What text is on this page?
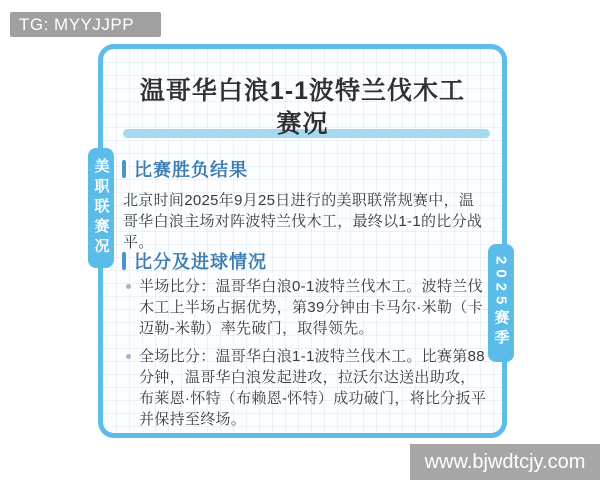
TG: MYYJJPP
温哥华白浪1-1波特兰伐木工
赛况
比赛胜负结果
北京时间2025年9月25日进行的美职联常规赛中，温哥华白浪主场对阵波特兰伐木工，最终以1-1的比分战平。
比分及进球情况
半场比分：温哥华白浪0-1波特兰伐木工。波特兰伐木工上半场占据优势，第39分钟由卡马尔·米勒（卡迈勒-米勒）率先破门，取得领先。
全场比分：温哥华白浪1-1波特兰伐木工。比赛第88分钟，温哥华白浪发起进攻，拉沃尔达送出助攻，布莱恩·怀特（布赖恩-怀特）成功破门，将比分扳平并保持至终场。
美职联赛况
2025赛季
www.bjwdtcjy.com
